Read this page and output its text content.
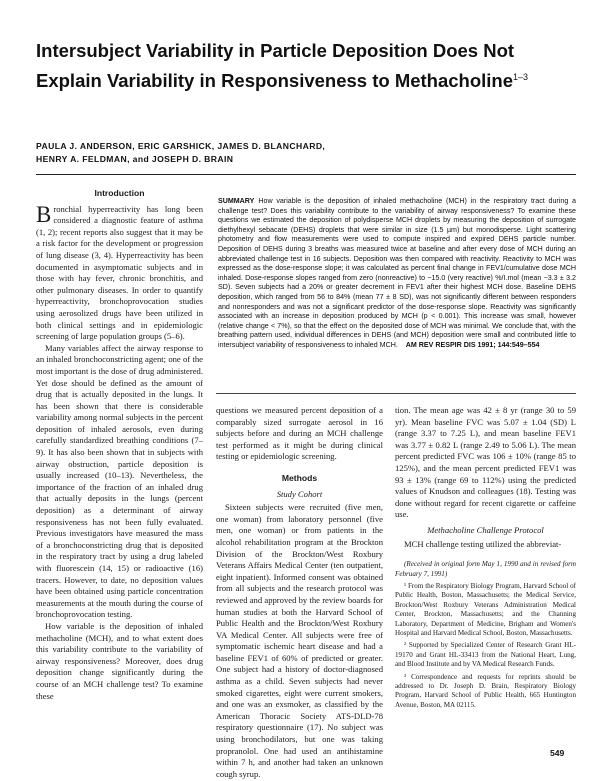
Intersubject Variability in Particle Deposition Does Not Explain Variability in Responsiveness to Methacholine$^{1-3}$
PAULA J. ANDERSON, ERIC GARSHICK, JAMES D. BLANCHARD,
HENRY A. FELDMAN, and JOSEPH D. BRAIN
Introduction

Bronchial hyperreactivity has long been considered a diagnostic feature of asthma (1, 2); recent reports also suggest that it may be a risk factor for the development or progression of lung disease (3, 4). Hyperreactivity has been documented in asymptomatic subjects and in those with hay fever, chronic bronchitis, and other pulmonary diseases. In order to quantify hyperreactivity, bronchoprovocation studies using aerosolized drugs have been utilized in both clinical settings and in epidemiologic screening of large population groups (5–6).

Many variables affect the airway response to an inhaled bronchoconstricting agent; one of the most important is the dose of drug administered. Yet dose should be defined as the amount of drug that is actually deposited in the lungs. It has been shown that there is considerable variability among normal subjects in the percent deposition of inhaled aerosols, even during carefully standardized breathing conditions (7–9). It has also been shown that in subjects with airway obstruction, particle deposition is usually increased (10–13). Nevertheless, the importance of the fraction of an inhaled drug that actually deposits in the lungs (percent deposition) as a determinant of airway responsiveness has not been fully evaluated. Previous investigators have measured the mass of a bronchoconstricting drug that is deposited in the respiratory tract by using a drug labeled with fluorescein (14, 15) or radioactive (16) tracers. However, to date, no deposition values have been obtained using particle concentration measurements at the mouth during the course of bronchoprovocation testing.

How variable is the deposition of inhaled methacholine (MCH), and to what extent does this variability contribute to the variability of airway responsiveness? Moreover, does drug deposition change significantly during the course of an MCH challenge test? To examine these

SUMMARY How variable is the deposition of inhaled methacholine (MCH) in the respiratory tract during a challenge test? Does this variability contribute to the variability of airway responsiveness? To examine these questions we estimated the deposition of polydisperse MCH droplets by measuring the deposition of surrogate diethylhexyl sebacate (DEHS) droplets that were similar in size (1.5 µm) but monodisperse. Light scattering photometry and flow measurements were used to compute inspired and expired DEHS particle number. Deposition of DEHS during 3 breaths was measured twice at baseline and after every dose of MCH during an abbreviated challenge test in 16 subjects. Deposition was then compared with reactivity. Reactivity to MCH was expressed as the dose-response slope; it was calculated as percent final change in FEV1/cumulative dose MCH inhaled. Dose-response slopes ranged from zero (nonreactive) to −15.0 (very reactive) %/I.mol (mean −3.3 ± 3.2 SD). Seven subjects had a 20% or greater decrement in FEV1 after their highest MCH dose. Baseline DEHS deposition, which ranged from 56 to 84% (mean 77 ± 8 SD), was not significantly different between responders and nonresponders and was not a significant predictor of the dose-response slope. Reactivity was significantly associated with an increase in deposition produced by MCH (p < 0.001). This increase was small, however (relative change < 7%), so that the effect on the deposited dose of MCH was minimal. We conclude that, with the breathing pattern used, individual differences in DEHS (and MCH) deposition were small and contributed little to intersubject variability of responsiveness to inhaled MCH. AM REV RESPIR DIS 1991; 144:549–554

questions we measured percent deposition of a comparably sized surrogate aerosol in 16 subjects before and during an MCH challenge test performed as it might be during clinical testing or epidemiologic screening.

Methods
Study Cohort

Sixteen subjects were recruited (five men, one woman) from laboratory personnel (five men, one woman) or from patients in the alcohol rehabilitation program at the Brockton Division of the Brockton/West Roxbury Veterans Affairs Medical Center (ten outpatient, eight inpatient). Informed consent was obtained from all subjects and the research protocol was reviewed and approved by the review boards for human studies at both the Harvard School of Public Health and the Brockton/West Roxbury VA Medical Center. All subjects were free of symptomatic ischemic heart disease and had a baseline FEV1 of 60% of predicted or greater. One subject had a history of doctor-diagnosed asthma as a child. Seven subjects had never smoked cigarettes, eight were current smokers, and one was an exsmoker, as classified by the American Thoracic Society ATS-DLD-78 respiratory questionnaire (17). No subject was using bronchodilators, but one was taking propranolol. One had used an antihistamine within 7 h, and another had taken an unknown cough syrup.

tion. The mean age was 42 ± 8 yr (range 30 to 59 yr). Mean baseline FVC was 5.07 ± 1.04 (SD) L (range 3.37 to 7.25 L), and mean baseline FEV1 was 3.77 ± 0.82 L (range 2.49 to 5.06 L). The mean percent predicted FVC was 106 ± 10% (range 85 to 125%), and the mean percent predicted FEV1 was 93 ± 13% (range 69 to 112%) using the predicted values of Knudson and colleagues (18). Testing was done without regard for recent cigarette or caffeine use.

Methacholine Challenge Protocol

MCH challenge testing utilized the abbreviat-

(Received in original form May 1, 1990 and in revised form February 7, 1991)

¹ From the Respiratory Biology Program, Harvard School of Public Health, Boston, Massachusetts; the Medical Service, Brockton/West Roxbury Veterans Administration Medical Center, Brockton, Massachusetts; and the Channing Laboratory, Department of Medicine, Brigham and Women's Hospital and Harvard Medical School, Boston, Massachusetts.

² Supported by Specialized Center of Research Grant HL-19170 and Grant HL-33413 from the National Heart, Lung, and Blood Institute and by VA Medical Research Funds.

³ Correspondence and requests for reprints should be addressed to Dr. Joseph D. Brain, Respiratory Biology Program, Harvard School of Public Health, 665 Huntington Avenue, Boston, MA 02115.

549
